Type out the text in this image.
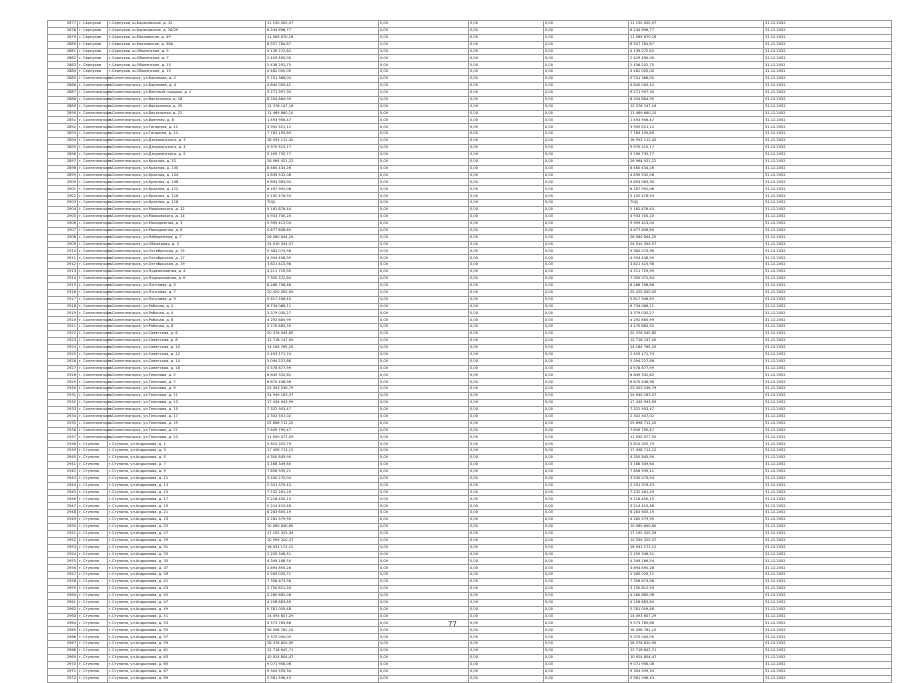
2877	г. Серпухов	г.Серпухов, ш.Борисовское, д. 12	11 150 000,07	0,00	0,00	0,00	11 150 000,07	31.12.2052
2878	г. Серпухов	г.Серпухов, ш.Борисовское, д. 26/29	6 244 696,77	0,00	0,00	0,00	6 244 696,77	31.12.2052
2879	г. Серпухов	г.Серпухов, ш.Московское, д. 49	11 069 870,16	0,00	0,00	0,00	11 069 870,16	31.12.2052
2880	г. Серпухов	г.Серпухов, ш.Московское, д. 58А	8 557 764,87	0,00	0,00	0,00	8 557 764,87	31.12.2052
2881	г. Серпухов	г.Серпухов, ш.Оболенское, д. 5	4 139 272,62	0,00	0,00	0,00	4 139 272,62	31.12.2052
2882	г. Серпухов	г.Серпухов, ш.Оболенское, д. 7	2 429 490,00	0,00	0,00	0,00	2 429 490,00	31.12.2052
2883	г. Серпухов	г.Серпухов, ш.Оболенское, д. 10	2 436 202,75	0,00	0,00	0,00	2 436 202,75	31.12.2052
2884	г. Серпухов	г.Серпухов, ш.Оболенское, д. 15	4 482 000,00	0,00	0,00	0,00	4 482 000,00	31.12.2052
2885	г. Солнечногорск	г.Солнечногорск, ул.Баранова, д. 2	5 701 366,00	0,00	0,00	0,00	5 701 366,00	31.12.2052
2886	г. Солнечногорск	г.Солнечногорск, ул.Баранова, д. 4	4 840 000,42	0,00	0,00	0,00	4 840 000,42	31.12.2052
2887	г. Солнечногорск	г.Солнечногорск, ул.Военный городок, д. 2	9 271 997,30	0,00	0,00	0,00	9 271 997,30	31.12.2052
2888	г. Солнечногорск	г.Солнечногорск, ул.Вокзальная, д. 18	8 204 864,90	0,00	0,00	0,00	8 204 864,90	31.12.2052
2889	г. Солнечногорск	г.Солнечногорск, ул.Вокзальная, д. 20	12 376 147,16	0,00	0,00	0,00	12 376 147,16	31.12.2052
2890	г. Солнечногорск	г.Солнечногорск, ул.Вокзальная, д. 22	11 469 660,10	0,00	0,00	0,00	11 469 660,10	31.12.2052
2891	г. Солнечногорск	г.Солнечногорск, ул.Военная, д. 8	1 493 956,47	0,00	0,00	0,00	1 493 956,47	31.12.2052
2892	г. Солнечногорск	г.Солнечногорск, ул.Гагарина, д. 12	3 992 521,12	0,00	0,00	0,00	3 992 521,12	31.12.2052
2893	г. Солнечногорск	г.Солнечногорск, ул.Гагарина, д. 14	7 783 195,89	0,00	0,00	0,00	7 783 195,89	31.12.2052
2894	г. Солнечногорск	г.Солнечногорск, ул.Дзержинского, д. 3	18 953 112,42	0,00	0,00	0,00	18 953 112,42	31.12.2052
2895	г. Солнечногорск	г.Солнечногорск, ул.Дзержинского, д. 4	9 970 515,17	0,00	0,00	0,00	9 970 515,17	31.12.2052
2896	г. Солнечногорск	г.Солнечногорск, ул.Дзержинского, д. 5	5 299 735,77	0,00	0,00	0,00	5 299 735,77	31.12.2052
2897	г. Солнечногорск	г.Солнечногорск, ул.Красная, д. 52	26 964 921,22	0,00	0,00	0,00	26 964 921,22	31.12.2052
2898	г. Солнечногорск	г.Солнечногорск, ул.Красная, д. 100	8 460 434,26	0,00	0,00	0,00	8 460 434,26	31.12.2052
2899	г. Солнечногорск	г.Солнечногорск, ул.Красная, д. 104	4 839 532,08	0,00	0,00	0,00	4 839 532,08	31.12.2052
2900	г. Солнечногорск	г.Солнечногорск, ул.Красная, д. 108	4 893 963,90	0,00	0,00	0,00	4 893 963,90	31.12.2052
2901	г. Солнечногорск	г.Солнечногорск, ул.Красная, д. 112	6 167 992,06	0,00	0,00	0,00	6 167 992,06	31.12.2052
2902	г. Солнечногорск	г.Солнечногорск, ул.Красная, д. 116	5 192 476,93	0,00	0,00	0,00	5 192 476,93	31.12.2052
2903	г. Солнечногорск	г.Солнечногорск, ул.Красная, д. 118	ТОД	0,00	0,00	0,00	ТОД	31.12.2052
2904	г. Солнечногорск	г.Солнечногорск, ул.Маяковского, д. 12	5 162 876,44	0,00	0,00	0,00	5 162 876,44	31.12.2052
2905	г. Солнечногорск	г.Солнечногорск, ул.Маяковского, д. 14	4 933 750,20	0,00	0,00	0,00	4 933 750,20	31.12.2052
2906	г. Солнечногорск	г.Солнечногорск, ул.Молодежная, д. 3	5 909 413,04	0,00	0,00	0,00	5 909 413,04	31.12.2052
2907	г. Солнечногорск	г.Солнечногорск, ул.Молодежная, д. 6	4 677 658,60	0,00	0,00	0,00	4 677 658,60	31.12.2052
2908	г. Солнечногорск	г.Солнечногорск, ул.Набережная, д. 7	26 060 844,20	0,00	0,00	0,00	26 060 844,20	31.12.2052
2909	г. Солнечногорск	г.Солнечногорск, ул.Объездная, д. 3	24 910 354,57	0,00	0,00	0,00	24 910 354,57	31.12.2052
2910	г. Солнечногорск	г.Солнечногорск, ул.Октябрьская, д. 15	5 363 074,96	0,00	0,00	0,00	5 363 074,96	31.12.2052
2911	г. Солнечногорск	г.Солнечногорск, ул.Октябрьская, д. 17	4 954 438,95	0,00	0,00	0,00	4 954 438,95	31.12.2052
2912	г. Солнечногорск	г.Солнечногорск, ул.Октябрьская, д. 19	3 821 415,98	0,00	0,00	0,00	3 821 415,98	31.12.2052
2913	г. Солнечногорск	г.Солнечногорск, ул.Подмосковная, д. 4	4 211 729,90	0,00	0,00	0,00	4 211 729,90	31.12.2052
2914	г. Солнечногорск	г.Солнечногорск, ул.Подмосковная, д. 6	7 350 372,84	0,00	0,00	0,00	7 350 372,84	31.12.2052
2915	г. Солнечногорск	г.Солнечногорск, ул.Почтовая, д. 5	8 286 798,66	0,00	0,00	0,00	8 286 798,66	31.12.2052
2916	г. Солнечногорск	г.Солнечногорск, ул.Почтовая, д. 7	20 420 000,00	0,00	0,00	0,00	20 420 000,00	31.12.2052
2917	г. Солнечногорск	г.Солнечногорск, ул.Почтовая, д. 9	5 817 506,45	0,00	0,00	0,00	5 817 506,45	31.12.2052
2918	г. Солнечногорск	г.Солнечногорск, ул.Рабочая, д. 2	6 734 066,11	0,00	0,00	0,00	6 734 066,11	31.12.2052
2919	г. Солнечногорск	г.Солнечногорск, ул.Рабочая, д. 4	3 379 030,27	0,00	0,00	0,00	3 379 030,27	31.12.2052
2920	г. Солнечногорск	г.Солнечногорск, ул.Рабочая, д. 6	4 292 865,99	0,00	0,00	0,00	4 292 865,99	31.12.2052
2921	г. Солнечногорск	г.Солнечногорск, ул.Рабочая, д. 8	4 270 685,55	0,00	0,00	0,00	4 270 685,55	31.12.2052
2922	г. Солнечногорск	г.Солнечногорск, ул.Советская, д. 6	20 376 945,85	0,00	0,00	0,00	20 376 945,85	31.12.2052
2923	г. Солнечногорск	г.Солнечногорск, ул.Советская, д. 8	12 718 147,00	0,00	0,00	0,00	12 718 147,00	31.12.2052
2924	г. Солнечногорск	г.Солнечногорск, ул.Советская, д. 10	14 164 765,20	0,00	0,00	0,00	14 164 765,20	31.12.2052
2925	г. Солнечногорск	г.Солнечногорск, ул.Советская, д. 12	2 493 171,74	0,00	0,00	0,00	2 493 171,74	31.12.2052
2926	г. Солнечногорск	г.Солнечногорск, ул.Советская, д. 14	5 094 227,86	0,00	0,00	0,00	5 094 227,86	31.12.2052
2927	г. Солнечногорск	г.Солнечногорск, ул.Советская, д. 16	4 578 877,99	0,00	0,00	0,00	4 578 877,99	31.12.2052
2928	г. Солнечногорск	г.Солнечногорск, ул.Тельнова, д. 5	6 849 332,62	0,00	0,00	0,00	6 849 332,62	31.12.2052
2929	г. Солнечногорск	г.Солнечногорск, ул.Тельнова, д. 7	6 875 446,96	0,00	0,00	0,00	6 875 446,96	31.12.2052
2930	г. Солнечногорск	г.Солнечногорск, ул.Тельнова, д. 9	23 303 536,79	0,00	0,00	0,00	23 303 536,79	31.12.2052
2931	г. Солнечногорск	г.Солнечногорск, ул.Тельнова, д. 11	24 949 183,37	0,00	0,00	0,00	24 949 183,37	31.12.2052
2932	г. Солнечногорск	г.Солнечногорск, ул.Тельнова, д. 13	17 434 943,99	0,00	0,00	0,00	17 434 943,99	31.12.2052
2933	г. Солнечногорск	г.Солнечногорск, ул.Тельнова, д. 15	7 322 953,47	0,00	0,00	0,00	7 322 953,47	31.12.2052
2934	г. Солнечногорск	г.Солнечногорск, ул.Тельнова, д. 17	2 302 507,02	0,00	0,00	0,00	2 302 507,02	31.12.2052
2935	г. Солнечногорск	г.Солнечногорск, ул.Тельнова, д. 19	25 698 712,20	0,00	0,00	0,00	25 698 712,20	31.12.2052
2936	г. Солнечногорск	г.Солнечногорск, ул.Тельнова, д. 21	7 849 790,47	0,00	0,00	0,00	7 849 790,47	31.12.2052
2937	г. Солнечногорск	г.Солнечногорск, ул.Тельнова, д. 23	11 050 077,55	0,00	0,00	0,00	11 050 077,55	31.12.2052
2938	г. Ступино	г.Ступино, ул.Андропова, д. 1	5 810 325,79	0,00	0,00	0,00	5 810 325,79	31.12.2052
2939	г. Ступино	г.Ступино, ул.Андропова, д. 3	17 458 713,12	0,00	0,00	0,00	17 458 713,12	31.12.2052
2940	г. Ступино	г.Ступино, ул.Андропова, д. 5	4 350 845,90	0,00	0,00	0,00	4 350 845,90	31.12.2052
2941	г. Ступино	г.Ступино, ул.Андропова, д. 7	3 168 349,60	0,00	0,00	0,00	3 168 349,60	31.12.2052
2942	г. Ступино	г.Ступино, ул.Андропова, д. 9	7 856 939,21	0,00	0,00	0,00	7 856 939,21	31.12.2052
2943	г. Ступино	г.Ступино, ул.Андропова, д. 11	3 530 275,04	0,00	0,00	0,00	3 530 275,04	31.12.2052
2944	г. Ступино	г.Ступино, ул.Андропова, д. 13	2 931 379,43	0,00	0,00	0,00	2 931 379,43	31.12.2052
2945	г. Ступино	г.Ступино, ул.Андропова, д. 15	7 232 261,29	0,00	0,00	0,00	7 232 261,29	31.12.2052
2946	г. Ступино	г.Ступино, ул.Андропова, д. 17	5 218 450,15	0,00	0,00	0,00	5 218 450,15	31.12.2052
2947	г. Ступино	г.Ступино, ул.Андропова, д. 19	5 214 415,48	0,00	0,00	0,00	5 214 415,48	31.12.2052
2948	г. Ступино	г.Ступино, ул.Андропова, д. 21	6 283 605,19	0,00	0,00	0,00	6 283 605,19	31.12.2052
2949	г. Ступино	г.Ступино, ул.Андропова, д. 23	4 262 579,95	0,00	0,00	0,00	4 262 579,95	31.12.2052
2950	г. Ступино	г.Ступино, ул.Андропова, д. 25	10 060 640,60	0,00	0,00	0,00	10 060 640,60	31.12.2052
2951	г. Ступино	г.Ступино, ул.Андропова, д. 27	17 192 325,39	0,00	0,00	0,00	17 192 325,39	31.12.2052
2952	г. Ступино	г.Ступино, ул.Андропова, д. 29	10 559 320,37	0,00	0,00	0,00	10 559 320,37	31.12.2052
2953	г. Ступино	г.Ступино, ул.Андропова, д. 31	16 931 172,12	0,00	0,00	0,00	16 931 172,12	31.12.2052
2954	г. Ступино	г.Ступино, ул.Андропова, д. 33	2 250 346,51	0,00	0,00	0,00	2 250 346,51	31.12.2052
2955	г. Ступино	г.Ступино, ул.Андропова, д. 35	4 349 166,54	0,00	0,00	0,00	4 349 166,54	31.12.2052
2956	г. Ступино	г.Ступино, ул.Андропова, д. 37	3 894 890,26	0,00	0,00	0,00	3 894 890,26	31.12.2052
2957	г. Ступино	г.Ступино, ул.Андропова, д. 39	2 265 029,71	0,00	0,00	0,00	2 265 029,71	31.12.2052
2958	г. Ступино	г.Ступино, ул.Андропова, д. 41	7 356 673,96	0,00	0,00	0,00	7 356 673,96	31.12.2052
2959	г. Ступино	г.Ступино, ул.Андропова, д. 43	3 750 812,59	0,00	0,00	0,00	3 750 812,59	31.12.2052
2960	г. Ступино	г.Ступино, ул.Андропова, д. 45	4 280 685,08	0,00	0,00	0,00	4 280 685,08	31.12.2052
2961	г. Ступино	г.Ступино, ул.Андропова, д. 47	4 258 683,80	0,00	0,00	0,00	4 258 683,80	31.12.2052
2962	г. Ступино	г.Ступино, ул.Андропова, д. 49	5 781 059,48	0,00	0,00	0,00	5 781 059,48	31.12.2052
2963	г. Ступино	г.Ступино, ул.Андропова, д. 51	14 093 607,29	0,00	0,00	0,00	14 093 607,29	31.12.2052
2964	г. Ступино	г.Ступино, ул.Андропова, д. 53	5 573 765,66	0,00	0,00	0,00	5 573 765,66	31.12.2052
2965	г. Ступино	г.Ступино, ул.Андропова, д. 55	16 058 781,10	0,00	0,00	0,00	16 058 781,10	31.12.2052
2966	г. Ступино	г.Ступино, ул.Андропова, д. 57	5 375 000,00	0,00	0,00	0,00	5 375 000,00	31.12.2052
2967	г. Ступино	г.Ступино, ул.Андропова, д. 59	28 376 820,90	0,00	0,00	0,00	28 376 820,90	31.12.2052
2968	г. Ступино	г.Ступино, ул.Андропова, д. 61	12 718 642,71	0,00	0,00	0,00	12 718 642,71	31.12.2052
2969	г. Ступино	г.Ступино, ул.Андропова, д. 63	10 924 804,47	0,00	0,00	0,00	10 924 804,47	31.12.2052
2970	г. Ступино	г.Ступино, ул.Андропова, д. 65	9 071 956,08	0,00	0,00	0,00	9 071 956,08	31.12.2052
2971	г. Ступино	г.Ступино, ул.Андропова, д. 67	9 304 559,34	0,00	0,00	0,00	9 304 559,34	31.12.2052
2972	г. Ступино	г.Ступино, ул.Андропова, д. 69	5 981 596,43	0,00	0,00	0,00	5 981 596,43	31.12.2052
77
